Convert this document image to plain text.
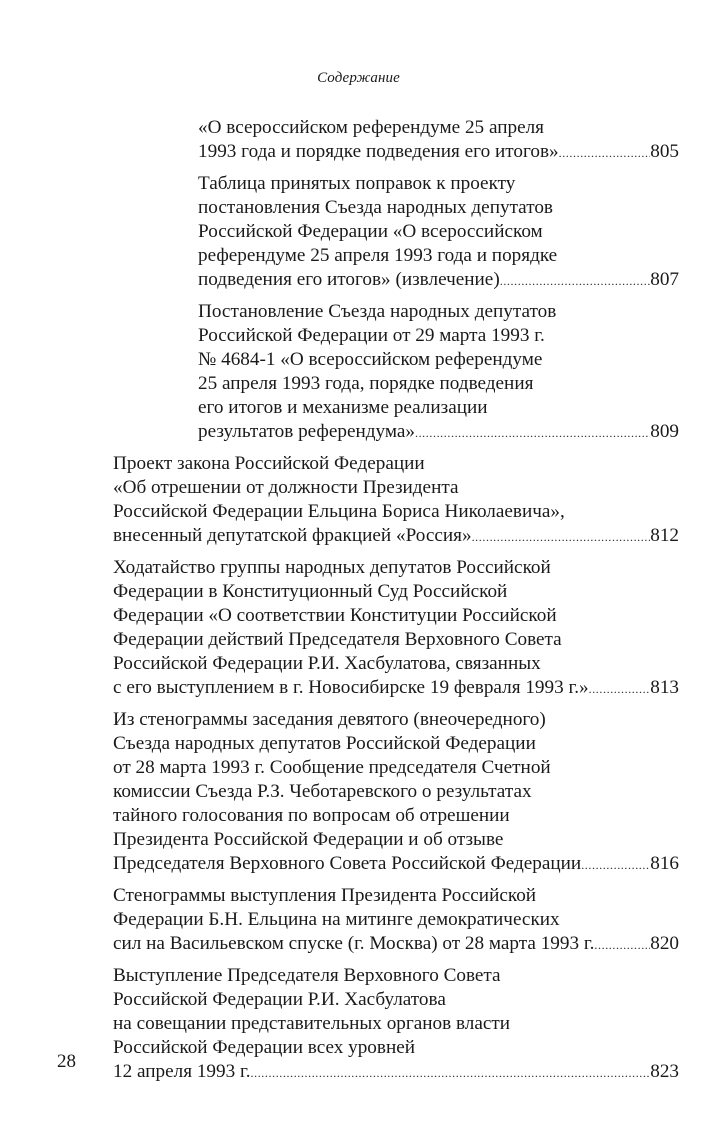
Содержание
«О всероссийском референдуме 25 апреля
1993 года и порядке подведения его итогов» . . .	805
Таблица принятых поправок к проекту
постановления Съезда народных депутатов
Российской Федерации «О всероссийском
референдуме 25 апреля 1993 года и порядке
подведения его итогов» (извлечение) . . .	807
Постановление Съезда народных депутатов
Российской Федерации от 29 марта 1993 г.
№ 4684-1 «О всероссийском референдуме
25 апреля 1993 года, порядке подведения
его итогов и механизме реализации
результатов референдума» . . .	809
Проект закона Российской Федерации
«Об отрешении от должности Президента
Российской Федерации Ельцина Бориса Николаевича»,
внесенный депутатской фракцией «Россия» . . .	812
Ходатайство группы народных депутатов Российской
Федерации в Конституционный Суд Российской
Федерации «О соответствии Конституции Российской
Федерации действий Председателя Верховного Совета
Российской Федерации Р.И. Хасбулатова, связанных
с его выступлением в г. Новосибирске 19 февраля 1993 г.» . . .	813
Из стенограммы заседания девятого (внеочередного)
Съезда народных депутатов Российской Федерации
от 28 марта 1993 г. Сообщение председателя Счетной
комиссии Съезда Р.З. Чеботаревского о результатах
тайного голосования по вопросам об отрешении
Президента Российской Федерации и об отзыве
Председателя Верховного Совета Российской Федерации . . .	816
Стенограммы выступления Президента Российской
Федерации Б.Н. Ельцина на митинге демократических
сил на Васильевском спуске (г. Москва) от 28 марта 1993 г. . . .	820
Выступление Председателя Верховного Совета
Российской Федерации Р.И. Хасбулатова
на совещании представительных органов власти
Российской Федерации всех уровней
12 апреля 1993 г. . . .	823
28
